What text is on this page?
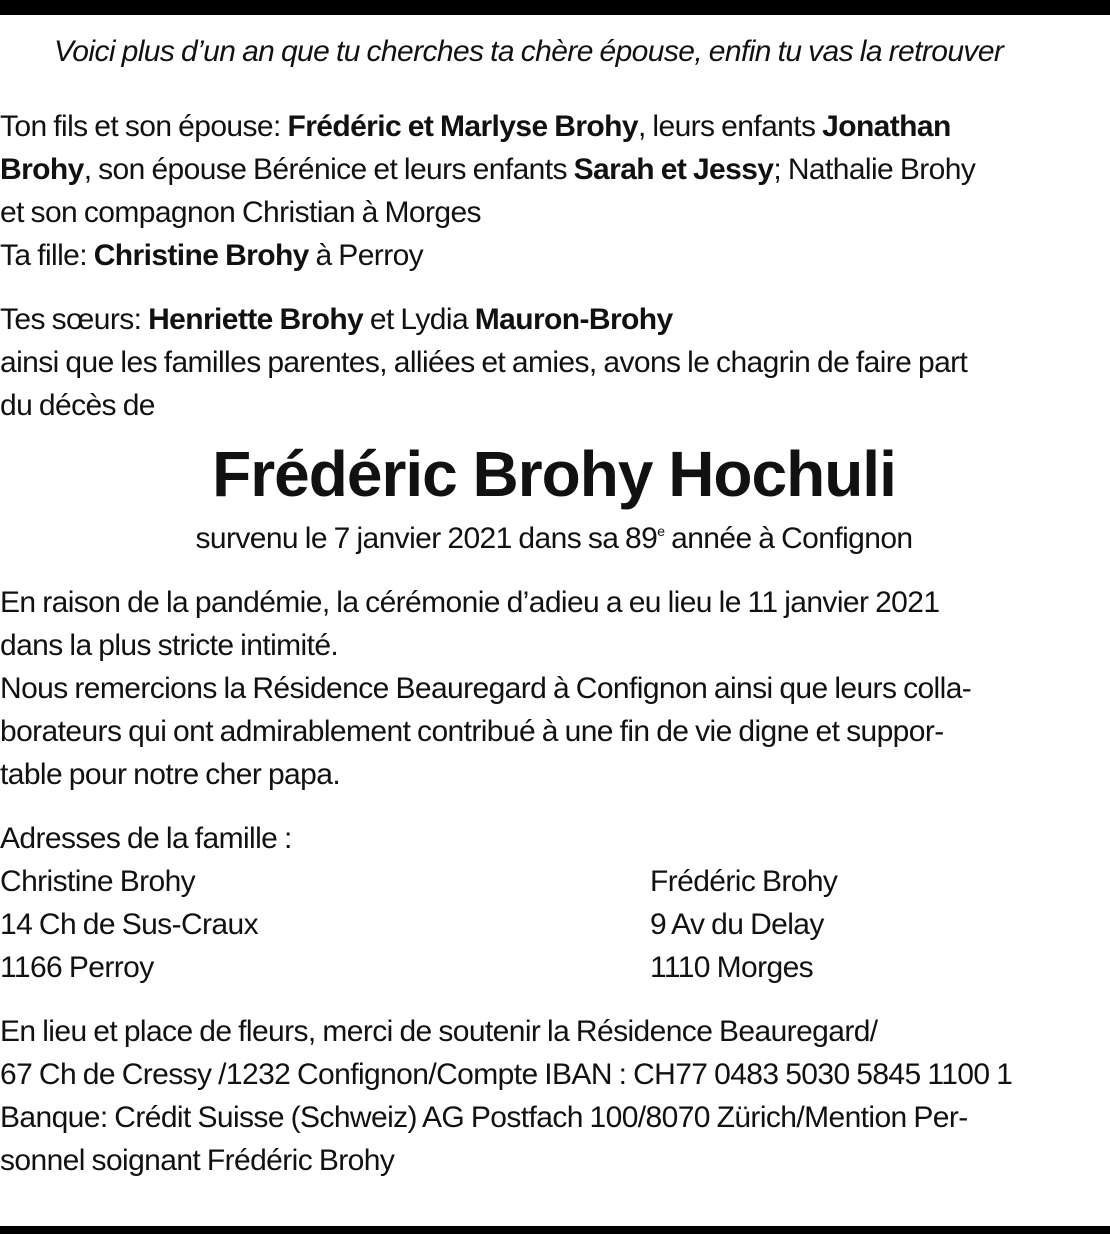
Voici plus d’un an que tu cherches ta chère épouse, enfin tu vas la retrouver
Ton fils et son épouse: Frédéric et Marlyse Brohy, leurs enfants Jonathan
Brohy, son épouse Bérénice et leurs enfants Sarah et Jessy; Nathalie Brohy
et son compagnon Christian à Morges
Ta fille: Christine Brohy à Perroy
Tes sœurs: Henriette Brohy et Lydia Mauron-Brohy
ainsi que les familles parentes, alliées et amies, avons le chagrin de faire part
du décès de
Frédéric Brohy Hochuli
survenu le 7 janvier 2021 dans sa 89e année à Confignon
En raison de la pandémie, la cérémonie d’adieu a eu lieu le 11 janvier 2021
dans la plus stricte intimité.
Nous remercions la Résidence Beauregard à Confignon ainsi que leurs colla-
borateurs qui ont admirablement contribué à une fin de vie digne et suppor-
table pour notre cher papa.
Adresses de la famille :
Christine Brohy	Frédéric Brohy
14 Ch de Sus-Craux	9 Av du Delay
1166 Perroy	1110 Morges
En lieu et place de fleurs, merci de soutenir la Résidence Beauregard/
67 Ch de Cressy /1232 Confignon/Compte IBAN : CH77 0483 5030 5845 1100 1
Banque: Crédit Suisse (Schweiz) AG Postfach 100/8070 Zürich/Mention Per-
sonnel soignant Frédéric Brohy
